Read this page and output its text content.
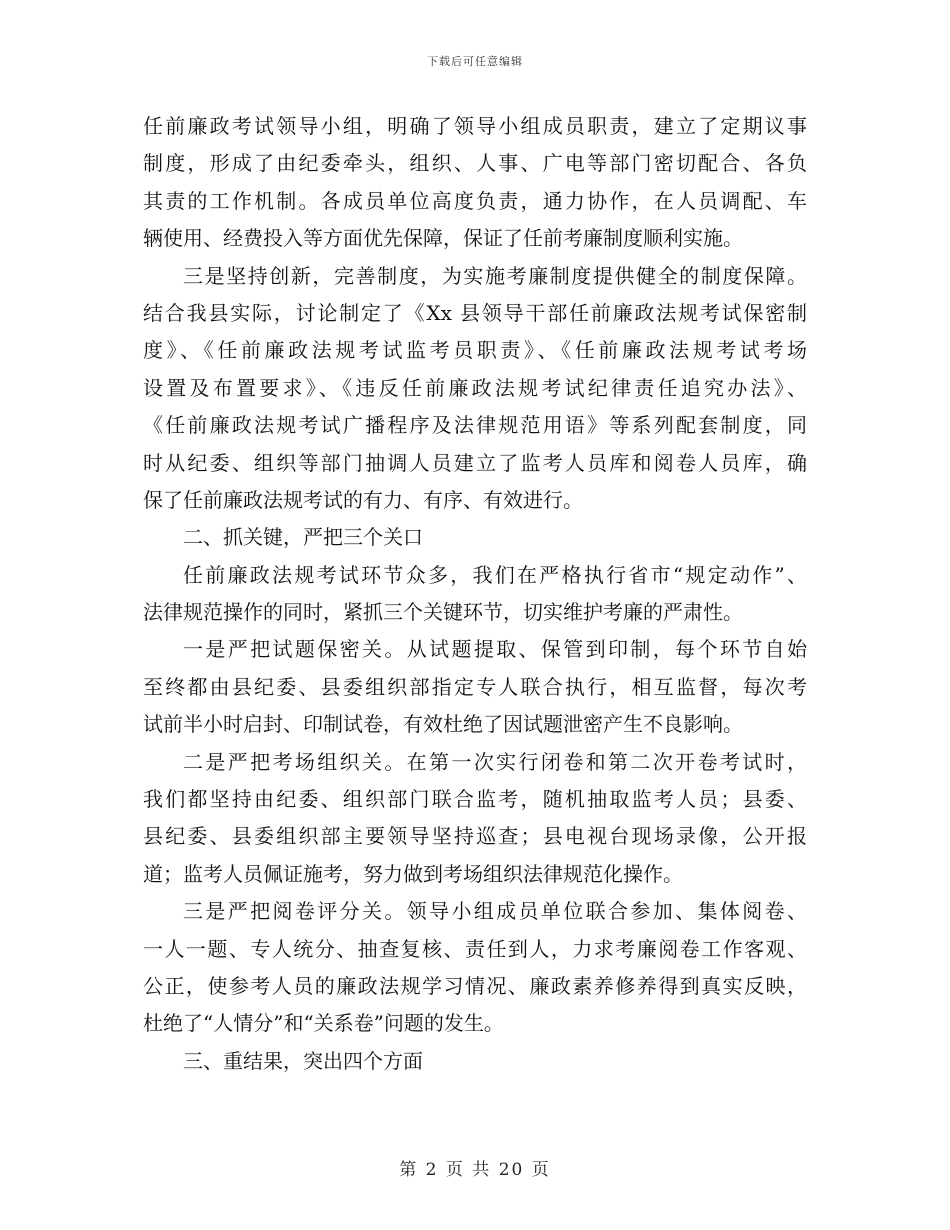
下载后可任意编辑
任前廉政考试领导小组，明确了领导小组成员职责，建立了定期议事
制度，形成了由纪委牵头，组织、人事、广电等部门密切配合、各负
其责的工作机制。各成员单位高度负责，通力协作，在人员调配、车
辆使用、经费投入等方面优先保障，保证了任前考廉制度顺利实施。
三是坚持创新，完善制度，为实施考廉制度提供健全的制度保障。
结合我县实际，讨论制定了《Xx 县领导干部任前廉政法规考试保密制
度》、《任前廉政法规考试监考员职责》、《任前廉政法规考试考场
设置及布置要求》、《违反任前廉政法规考试纪律责任追究办法》、
《任前廉政法规考试广播程序及法律规范用语》等系列配套制度，同
时从纪委、组织等部门抽调人员建立了监考人员库和阅卷人员库，确
保了任前廉政法规考试的有力、有序、有效进行。
二、抓关键，严把三个关口
任前廉政法规考试环节众多，我们在严格执行省市“规定动作”、
法律规范操作的同时，紧抓三个关键环节，切实维护考廉的严肃性。
一是严把试题保密关。从试题提取、保管到印制，每个环节自始
至终都由县纪委、县委组织部指定专人联合执行，相互监督，每次考
试前半小时启封、印制试卷，有效杜绝了因试题泄密产生不良影响。
二是严把考场组织关。在第一次实行闭卷和第二次开卷考试时，
我们都坚持由纪委、组织部门联合监考，随机抽取监考人员；县委、
县纪委、县委组织部主要领导坚持巡查；县电视台现场录像，公开报
道；监考人员佩证施考，努力做到考场组织法律规范化操作。
三是严把阅卷评分关。领导小组成员单位联合参加、集体阅卷、
一人一题、专人统分、抽查复核、责任到人，力求考廉阅卷工作客观、
公正，使参考人员的廉政法规学习情况、廉政素养修养得到真实反映，
杜绝了“人情分”和“关系卷”问题的发生。
三、重结果，突出四个方面
第 2 页 共 20 页
